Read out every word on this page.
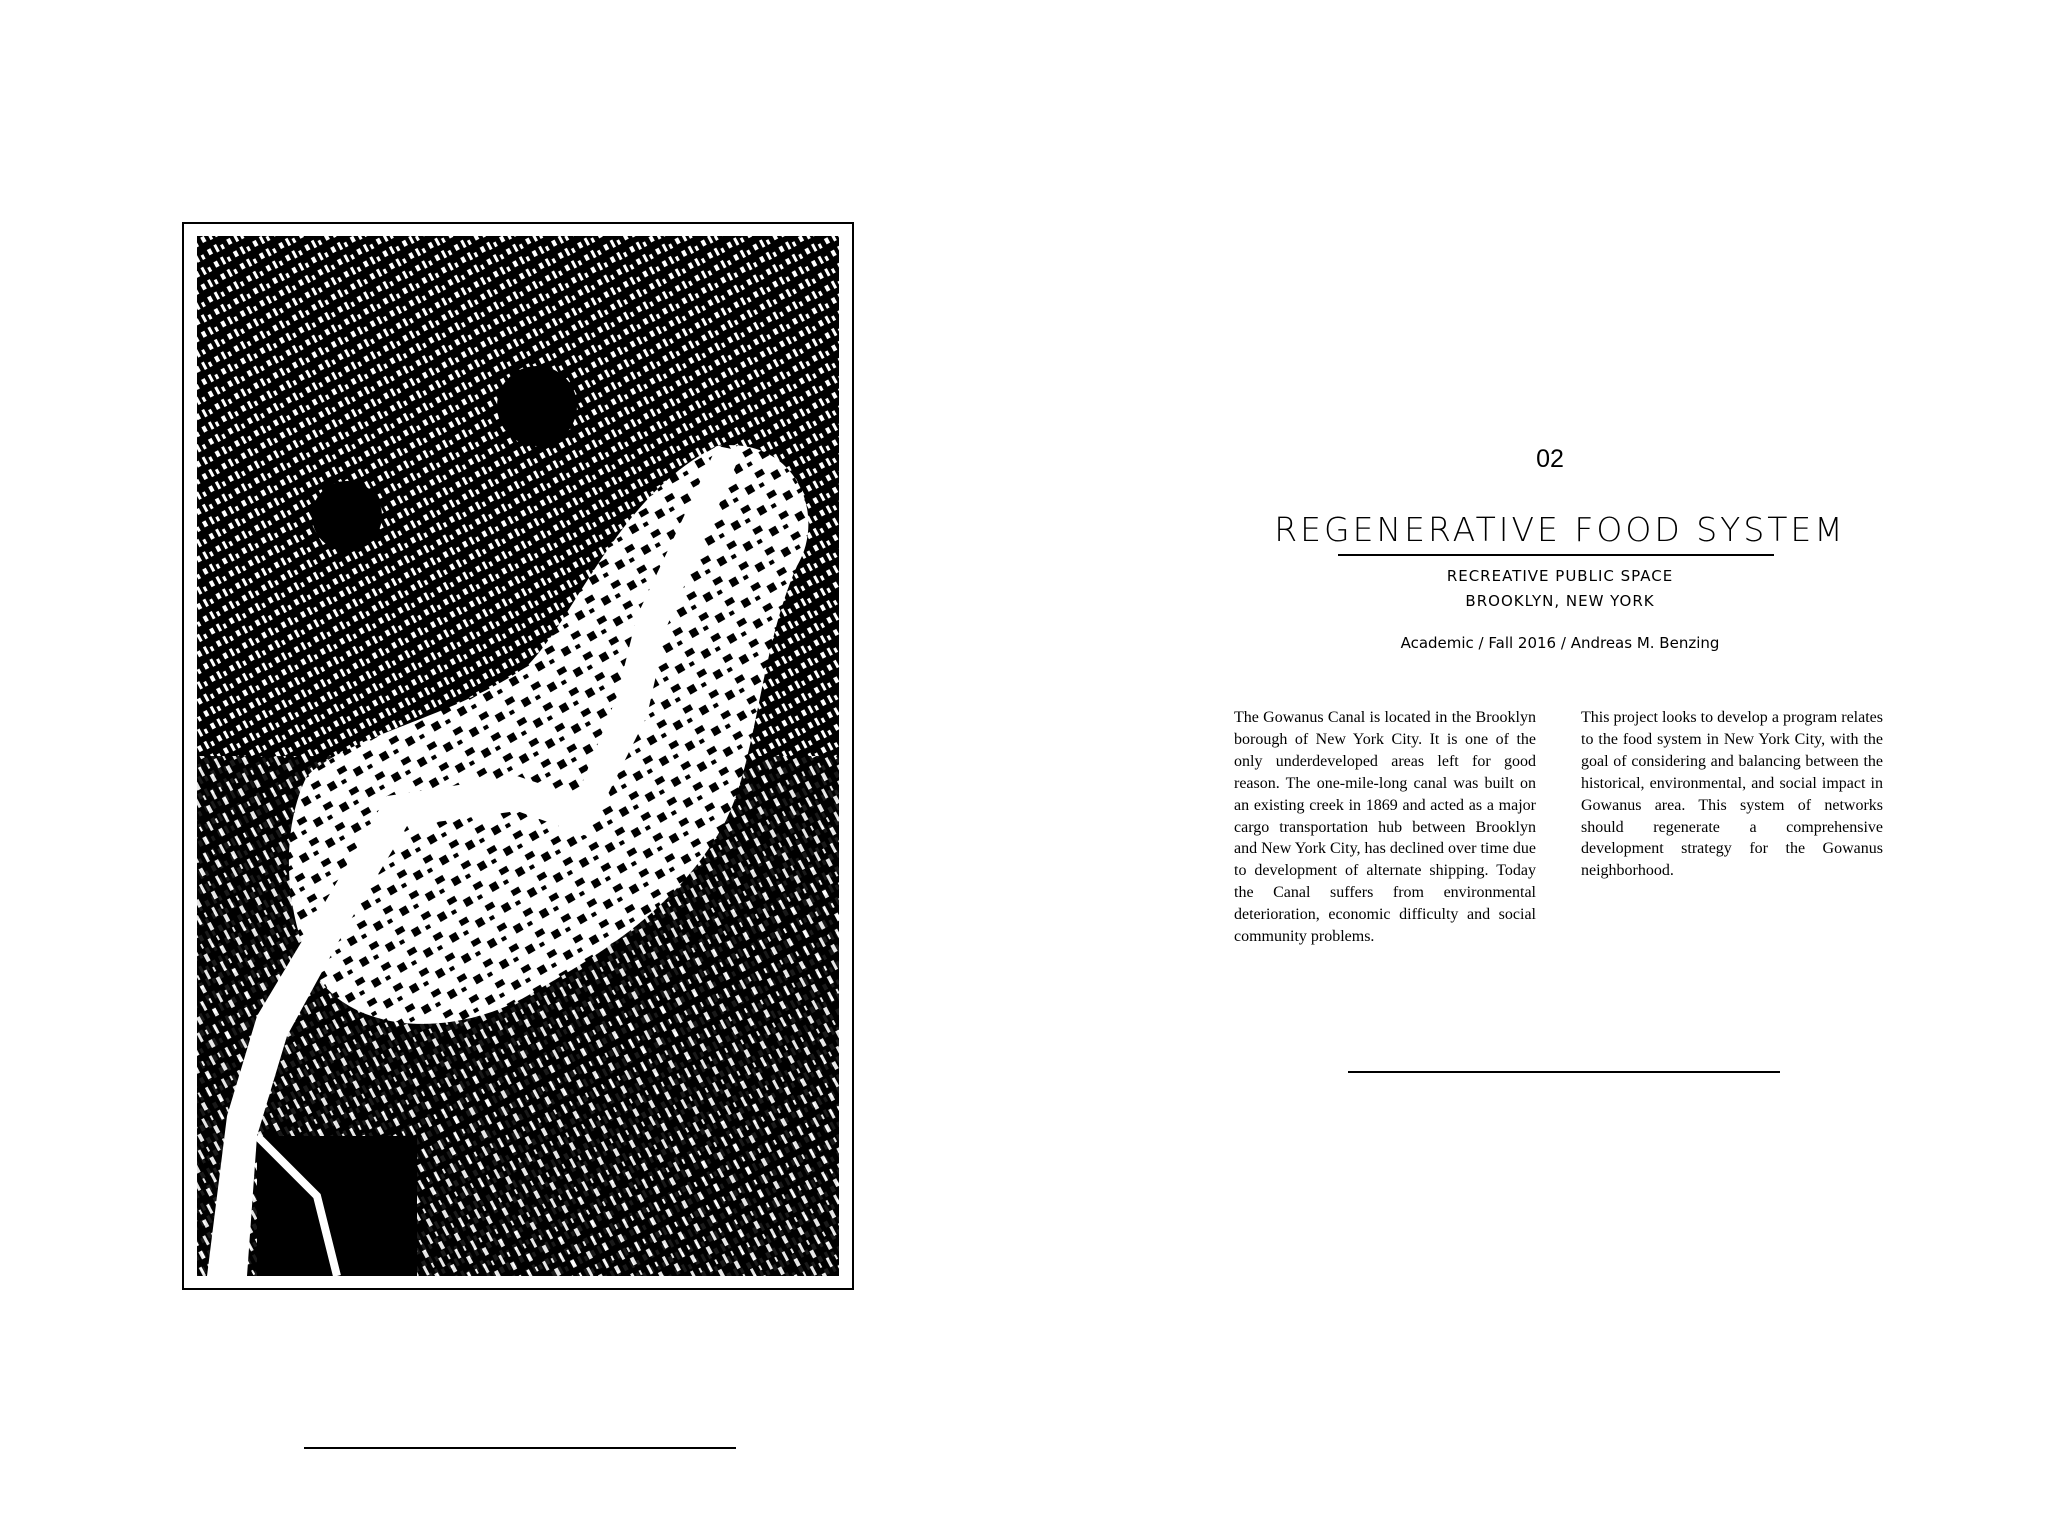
02
REGENERATIVE FOOD SYSTEM
RECREATIVE PUBLIC SPACE
BROOKLYN, NEW YORK
Academic / Fall 2016 / Andreas M. Benzing
The Gowanus Canal is located in the Brooklyn borough of New York City. It is one of the only underdeveloped areas left for good reason. The one-mile-long canal was built on an existing creek in 1869 and acted as a major cargo transportation hub between Brooklyn and New York City, has declined over time due to development of alternate shipping. Today the Canal suffers from environmental deterioration, economic difficulty and social community problems.
This project looks to develop a program relates to the food system in New York City, with the goal of considering and balancing between the historical, environmental, and social impact in Gowanus area. This system of networks should regenerate a comprehensive development strategy for the Gowanus neighborhood.
